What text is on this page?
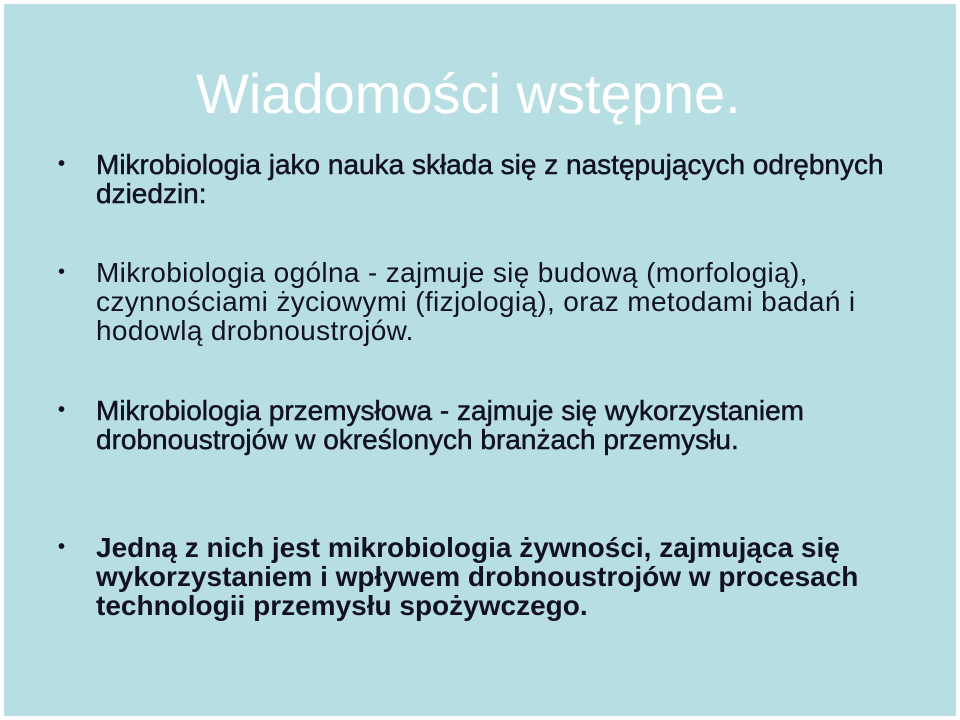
Wiadomości wstępne.
• Mikrobiologia jako nauka składa się z następujących odrębnych dziedzin:
• Mikrobiologia ogólna - zajmuje się budową (morfologią), czynnościami życiowymi (fizjologią), oraz metodami badań i hodowlą drobnoustrojów.
• Mikrobiologia przemysłowa - zajmuje się wykorzystaniem drobnoustrojów w określonych branżach przemysłu.
• Jedną z nich jest mikrobiologia żywności, zajmująca się wykorzystaniem i wpływem drobnoustrojów w procesach technologii przemysłu spożywczego.
